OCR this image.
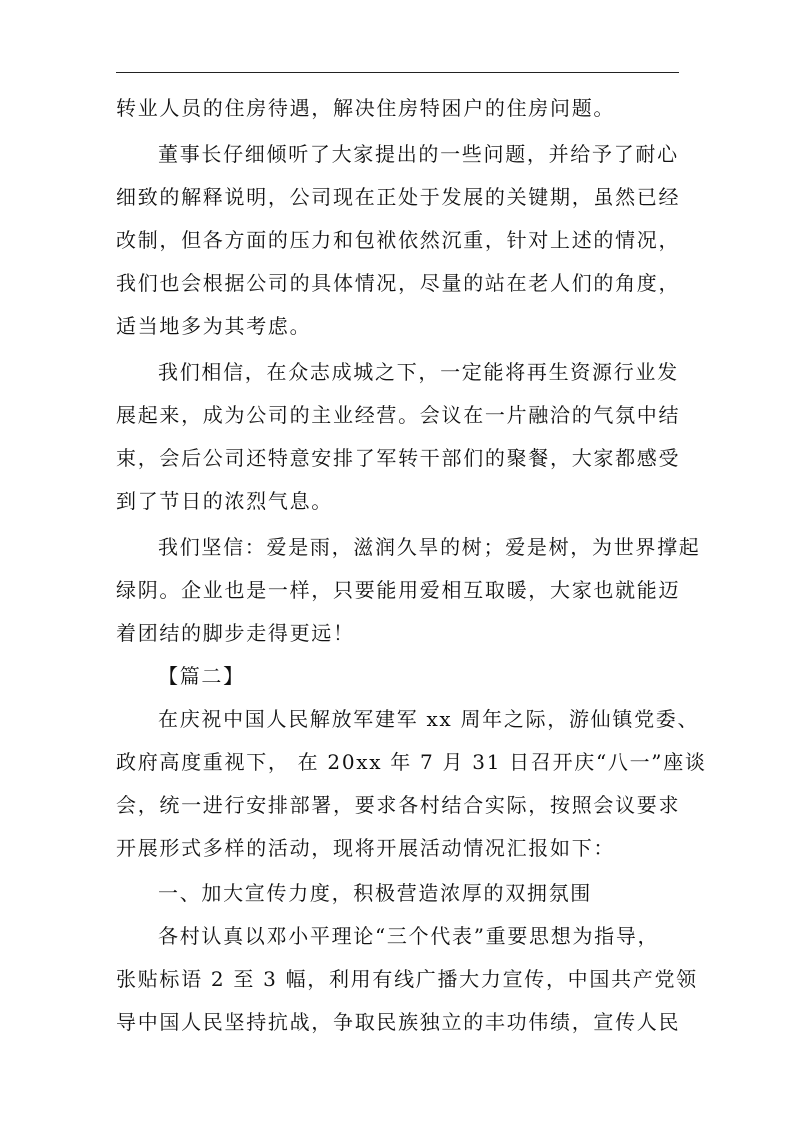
转业人员的住房待遇，解决住房特困户的住房问题。
董事长仔细倾听了大家提出的一些问题，并给予了耐心
细致的解释说明，公司现在正处于发展的关键期，虽然已经
改制，但各方面的压力和包袱依然沉重，针对上述的情况，
我们也会根据公司的具体情况，尽量的站在老人们的角度，
适当地多为其考虑。
我们相信，在众志成城之下，一定能将再生资源行业发
展起来，成为公司的主业经营。会议在一片融洽的气氛中结
束，会后公司还特意安排了军转干部们的聚餐，大家都感受
到了节日的浓烈气息。
我们坚信：爱是雨，滋润久旱的树；爱是树，为世界撑起
绿阴。企业也是一样，只要能用爱相互取暖，大家也就能迈
着团结的脚步走得更远！
【篇二】
在庆祝中国人民解放军建军 xx 周年之际，游仙镇党委、
政府高度重视下， 在 20xx 年 7 月 31 日召开庆“八一”座谈
会，统一进行安排部署，要求各村结合实际，按照会议要求
开展形式多样的活动，现将开展活动情况汇报如下：
一、加大宣传力度，积极营造浓厚的双拥氛围
各村认真以邓小平理论“三个代表”重要思想为指导，
张贴标语 2 至 3 幅，利用有线广播大力宣传，中国共产党领
导中国人民坚持抗战，争取民族独立的丰功伟绩，宣传人民
